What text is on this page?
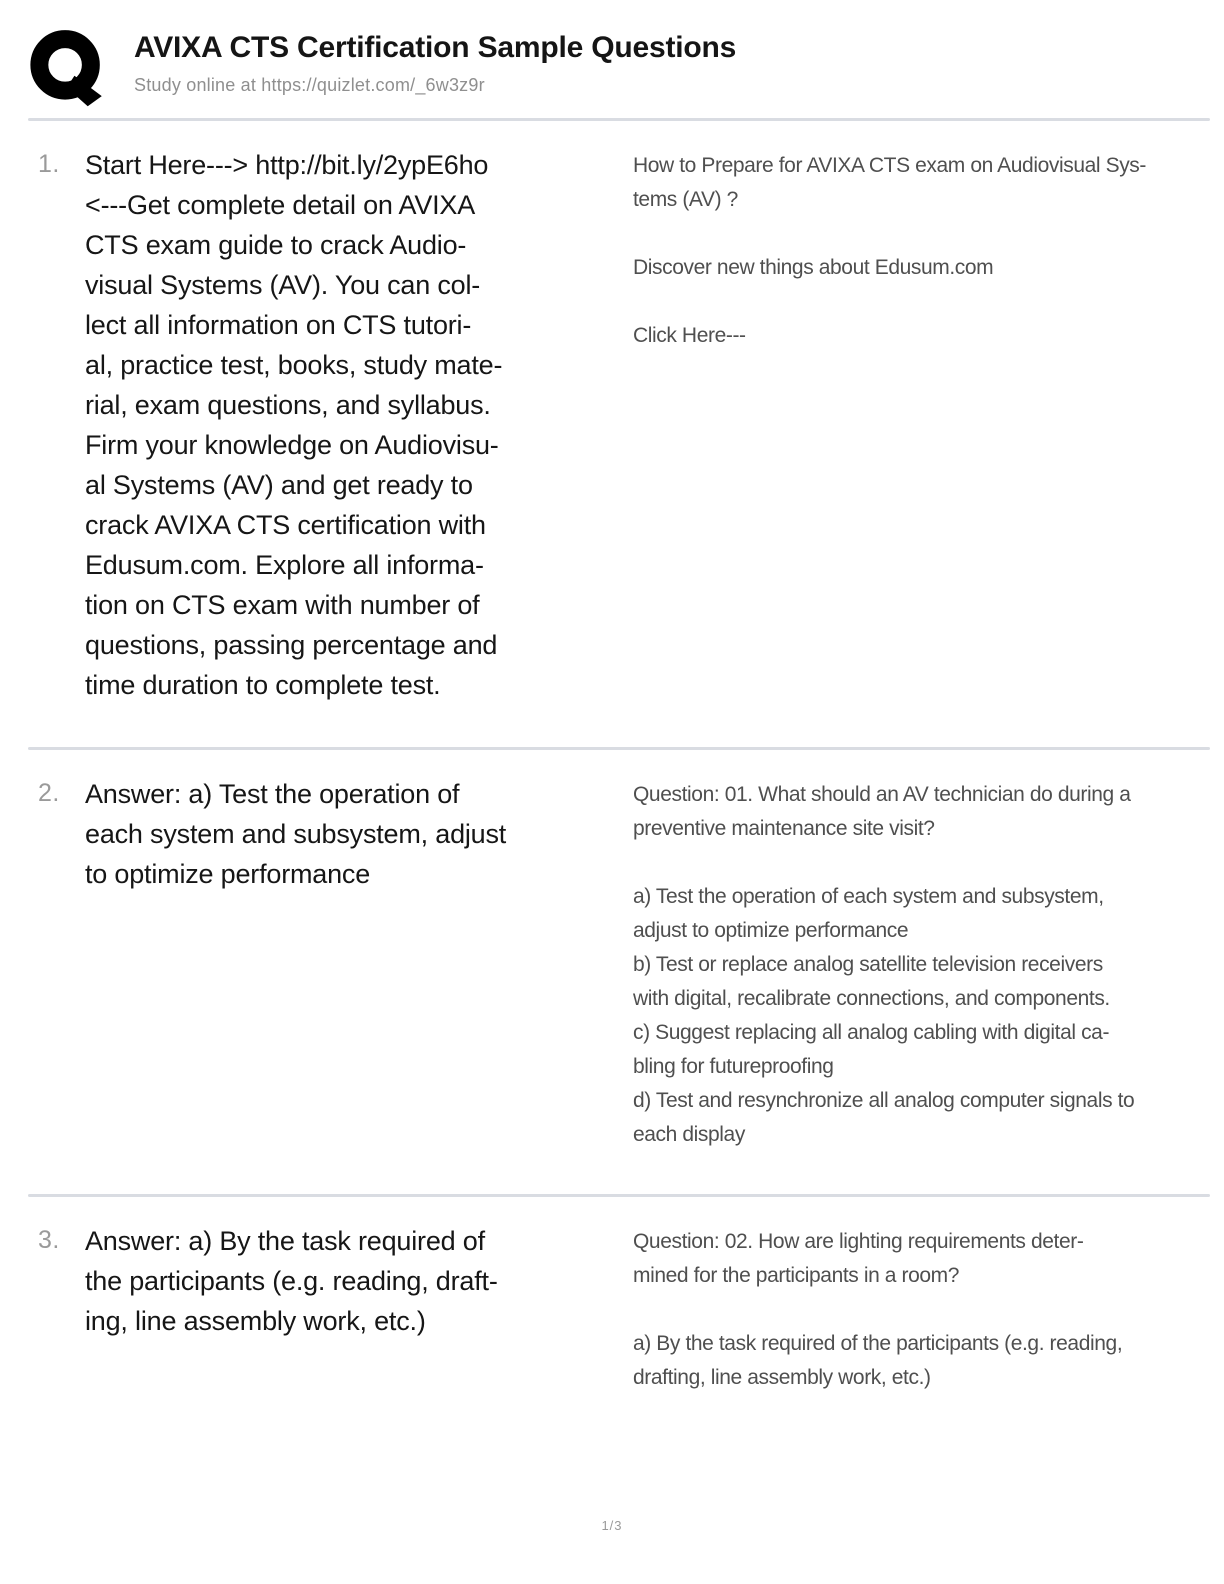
AVIXA CTS Certification Sample Questions
Study online at https://quizlet.com/_6w3z9r
1. Start Here---> http://bit.ly/2ypE6ho
<---Get complete detail on AVIXA
CTS exam guide to crack Audio-
visual Systems (AV). You can col-
lect all information on CTS tutori-
al, practice test, books, study mate-
rial, exam questions, and syllabus.
Firm your knowledge on Audiovisu-
al Systems (AV) and get ready to
crack AVIXA CTS certification with
Edusum.com. Explore all informa-
tion on CTS exam with number of
questions, passing percentage and
time duration to complete test.
How to Prepare for AVIXA CTS exam on Audiovisual Sys-
tems (AV) ?

Discover new things about Edusum.com

Click Here---
2. Answer: a) Test the operation of
each system and subsystem, adjust
to optimize performance
Question: 01. What should an AV technician do during a
preventive maintenance site visit?

a) Test the operation of each system and subsystem,
adjust to optimize performance
b) Test or replace analog satellite television receivers
with digital, recalibrate connections, and components.
c) Suggest replacing all analog cabling with digital ca-
bling for futureproofing
d) Test and resynchronize all analog computer signals to
each display
3. Answer: a) By the task required of
the participants (e.g. reading, draft-
ing, line assembly work, etc.)
Question: 02. How are lighting requirements deter-
mined for the participants in a room?

a) By the task required of the participants (e.g. reading,
drafting, line assembly work, etc.)
1/3
